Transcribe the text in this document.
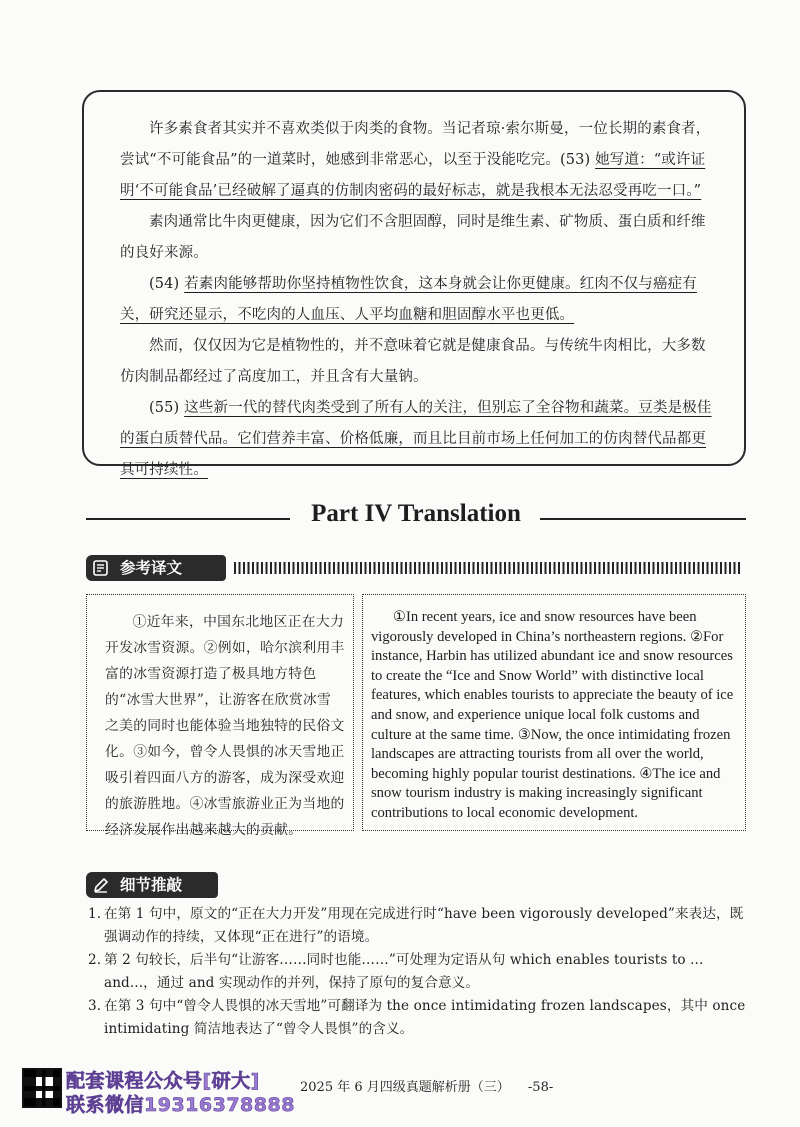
许多素食者其实并不喜欢类似于肉类的食物。当记者琼·索尔斯曼，一位长期的素食者，尝试“不可能食品”的一道菜时，她感到非常恶心，以至于没能吃完。(53) 她写道：“或许证明‘不可能食品’已经破解了逼真的仿制肉密码的最好标志，就是我根本无法忍受再吃一口。”

素肉通常比牛肉更健康，因为它们不含胆固醇，同时是维生素、矿物质、蛋白质和纤维的良好来源。

(54) 若素肉能够帮助你坚持植物性饮食，这本身就会让你更健康。红肉不仅与癌症有关，研究还显示，不吃肉的人血压、人平均血糖和胆固醇水平也更低。

然而，仅仅因为它是植物性的，并不意味着它就是健康食品。与传统牛肉相比，大多数仿肉制品都经过了高度加工，并且含有大量钠。

(55) 这些新一代的替代肉类受到了所有人的关注，但别忘了全谷物和蔬菜。豆类是极佳的蛋白质替代品。它们营养丰富、价格低廉，而且比目前市场上任何加工的仿肉替代品都更具可持续性。

Part IV Translation
参考译文

①近年来，中国东北地区正在大力开发冰雪资源。②例如，哈尔滨利用丰富的冰雪资源打造了极具地方特色的“冰雪大世界”，让游客在欣赏冰雪之美的同时也能体验当地独特的民俗文化。③如今，曾令人畏惧的冰天雪地正吸引着四面八方的游客，成为深受欢迎的旅游胜地。④冰雪旅游业正为当地的经济发展作出越来越大的贡献。

①In recent years, ice and snow resources have been vigorously developed in China’s northeastern regions. ②For instance, Harbin has utilized abundant ice and snow resources to create the “Ice and Snow World” with distinctive local features, which enables tourists to appreciate the beauty of ice and snow, and experience unique local folk customs and culture at the same time. ③Now, the once intimidating frozen landscapes are attracting tourists from all over the world, becoming highly popular tourist destinations. ④The ice and snow tourism industry is making increasingly significant contributions to local economic development.

细节推敲
1. 在第 1 句中，原文的“正在大力开发”用现在完成进行时“have been vigorously developed”来表达，既强调动作的持续，又体现“正在进行”的语境。
2. 第 2 句较长，后半句“让游客……同时也能……”可处理为定语从句 which enables tourists to ... and...，通过 and 实现动作的并列，保持了原句的复合意义。
3. 在第 3 句中“曾令人畏惧的冰天雪地”可翻译为 the once intimidating frozen landscapes，其中 once intimidating 简洁地表达了“曾令人畏惧”的含义。
配套课程公众号[研大]
联系微信19316378888
2025 年 6 月四级真题解析册（三） -58-
